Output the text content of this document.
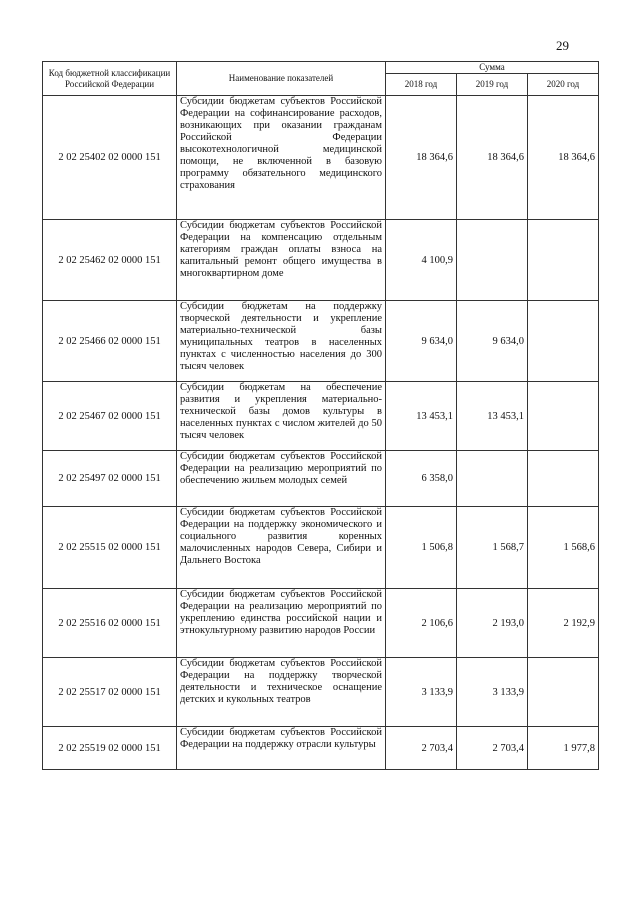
29
Код бюджетной классификации Российской Федерации	Наименование показателей	Сумма		
		2018 год	2019 год	2020 год
2 02 25402 02 0000 151	Субсидии бюджетам субъектов Российской Федерации на софинансирование расходов, возникающих при оказании гражданам Российской Федерации высокотехнологичной медицинской помощи, не включенной в базовую программу обязательного медицинского страхования	18 364,6	18 364,6	18 364,6
2 02 25462 02 0000 151	Субсидии бюджетам субъектов Российской Федерации на компенсацию отдельным категориям граждан оплаты взноса на капитальный ремонт общего имущества в многоквартирном доме	4 100,9		
2 02 25466 02 0000 151	Субсидии бюджетам на поддержку творческой деятельности и укрепление материально-технической базы муниципальных театров в населенных пунктах с численностью населения до 300 тысяч человек	9 634,0	9 634,0	
2 02 25467 02 0000 151	Субсидии бюджетам на обеспечение развития и укрепления материально-технической базы домов культуры в населенных пунктах с числом жителей до 50 тысяч человек	13 453,1	13 453,1	
2 02 25497 02 0000 151	Субсидии бюджетам субъектов Российской Федерации на реализацию мероприятий по обеспечению жильем молодых семей	6 358,0		
2 02 25515 02 0000 151	Субсидии бюджетам субъектов Российской Федерации на поддержку экономического и социального развития коренных малочисленных народов Севера, Сибири и Дальнего Востока	1 506,8	1 568,7	1 568,6
2 02 25516 02 0000 151	Субсидии бюджетам субъектов Российской Федерации на реализацию мероприятий по укреплению единства российской нации и этнокультурному развитию народов России	2 106,6	2 193,0	2 192,9
2 02 25517 02 0000 151	Субсидии бюджетам субъектов Российской Федерации на поддержку творческой деятельности и техническое оснащение детских и кукольных театров	3 133,9	3 133,9	
2 02 25519 02 0000 151	Субсидии бюджетам субъектов Российской Федерации на поддержку отрасли культуры	2 703,4	2 703,4	1 977,8
